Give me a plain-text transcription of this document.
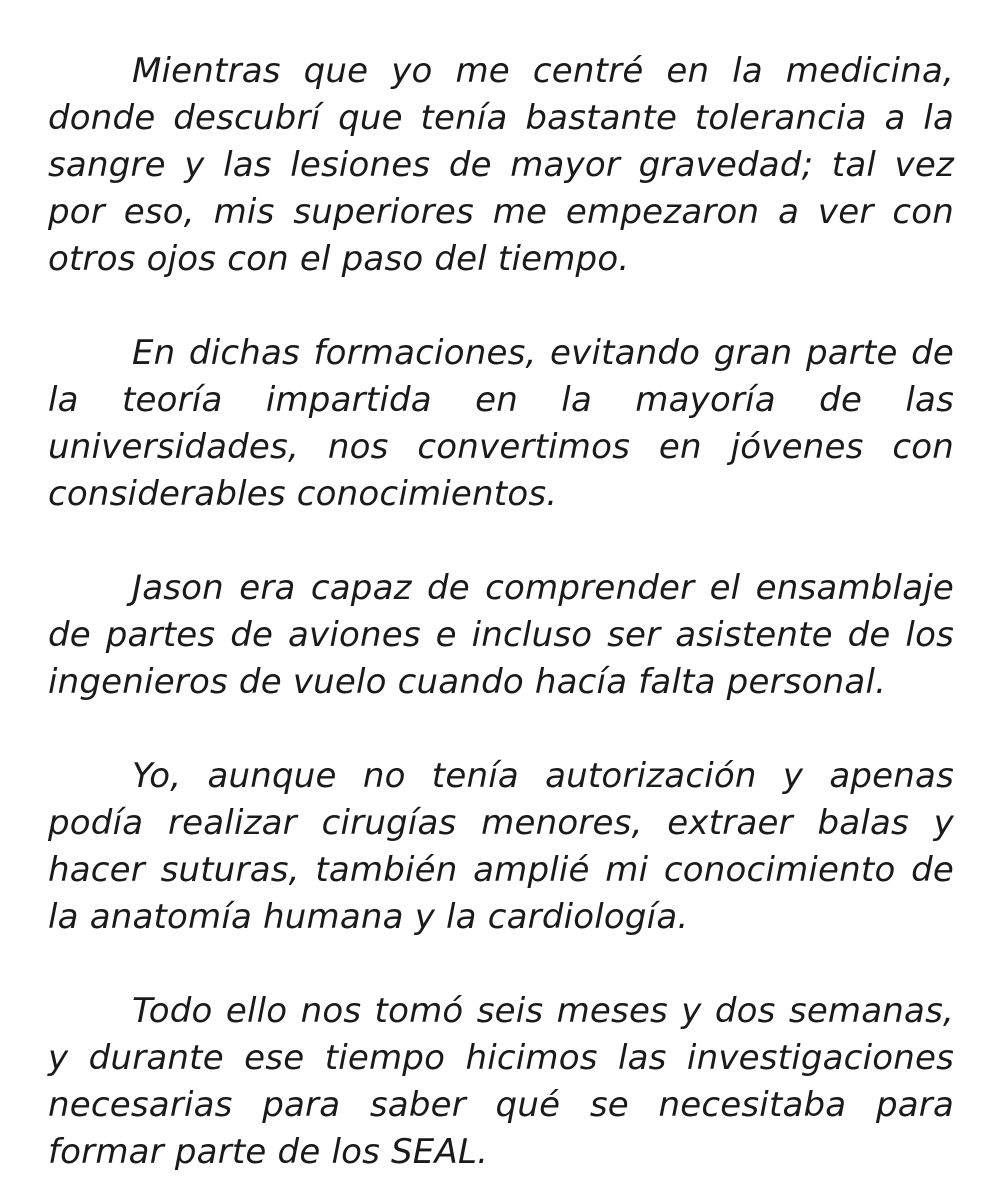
Mientras que yo me centré en la medicina, donde descubrí que tenía bastante tolerancia a la sangre y las lesiones de mayor gravedad; tal vez por eso, mis superiores me empezaron a ver con otros ojos con el paso del tiempo.

En dichas formaciones, evitando gran parte de la teoría impartida en la mayoría de las universidades, nos convertimos en jóvenes con considerables conocimientos.

Jason era capaz de comprender el ensamblaje de partes de aviones e incluso ser asistente de los ingenieros de vuelo cuando hacía falta personal.

Yo, aunque no tenía autorización y apenas podía realizar cirugías menores, extraer balas y hacer suturas, también amplié mi conocimiento de la anatomía humana y la cardiología.

Todo ello nos tomó seis meses y dos semanas, y durante ese tiempo hicimos las investigaciones necesarias para saber qué se necesitaba para formar parte de los SEAL.
